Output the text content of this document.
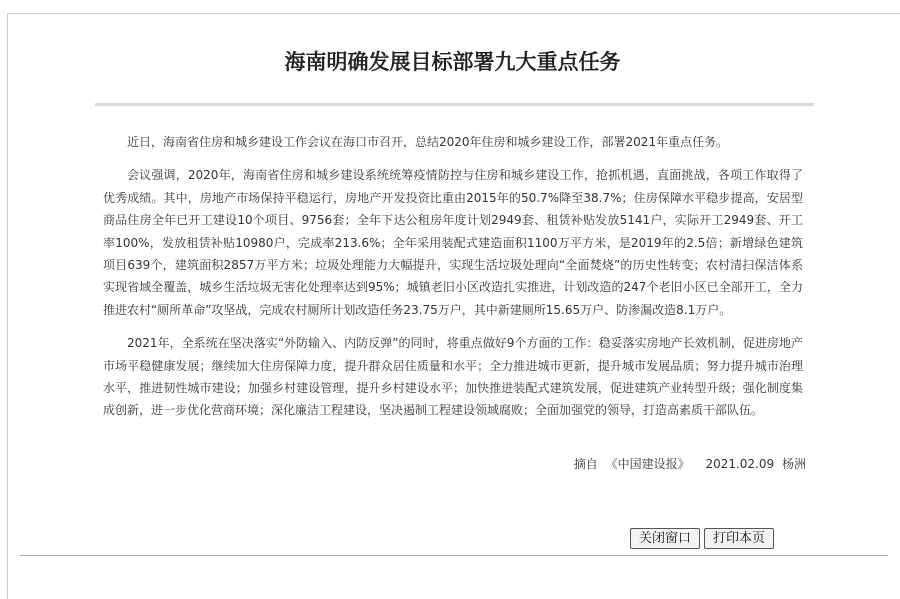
海南明确发展目标部署九大重点任务

近日，海南省住房和城乡建设工作会议在海口市召开，总结2020年住房和城乡建设工作，部署2021年重点任务。

会议强调，2020年，海南省住房和城乡建设系统统筹疫情防控与住房和城乡建设工作，抢抓机遇，直面挑战，各项工作取得了优秀成绩。其中，房地产市场保持平稳运行，房地产开发投资比重由2015年的50.7%降至38.7%；住房保障水平稳步提高，安居型商品住房全年已开工建设10个项目、9756套；全年下达公租房年度计划2949套、租赁补贴发放5141户，实际开工2949套、开工率100%，发放租赁补贴10980户，完成率213.6%；全年采用装配式建造面积1100万平方米，是2019年的2.5倍；新增绿色建筑项目639个，建筑面积2857万平方米；垃圾处理能力大幅提升，实现生活垃圾处理向“全面焚烧”的历史性转变；农村清扫保洁体系实现省域全覆盖，城乡生活垃圾无害化处理率达到95%；城镇老旧小区改造扎实推进，计划改造的247个老旧小区已全部开工，全力推进农村“厕所革命”攻坚战，完成农村厕所计划改造任务23.75万户，其中新建厕所15.65万户、防渗漏改造8.1万户。

2021年，全系统在坚决落实“外防输入、内防反弹”的同时，将重点做好9个方面的工作：稳妥落实房地产长效机制，促进房地产市场平稳健康发展；继续加大住房保障力度，提升群众居住质量和水平；全力推进城市更新，提升城市发展品质；努力提升城市治理水平，推进韧性城市建设；加强乡村建设管理，提升乡村建设水平；加快推进装配式建筑发展，促进建筑产业转型升级；强化制度集成创新，进一步优化营商环境；深化廉洁工程建设，坚决遏制工程建设领域腐败；全面加强党的领导，打造高素质干部队伍。

摘自 《中国建设报》 2021.02.09 杨洲
关闭窗口	打印本页
